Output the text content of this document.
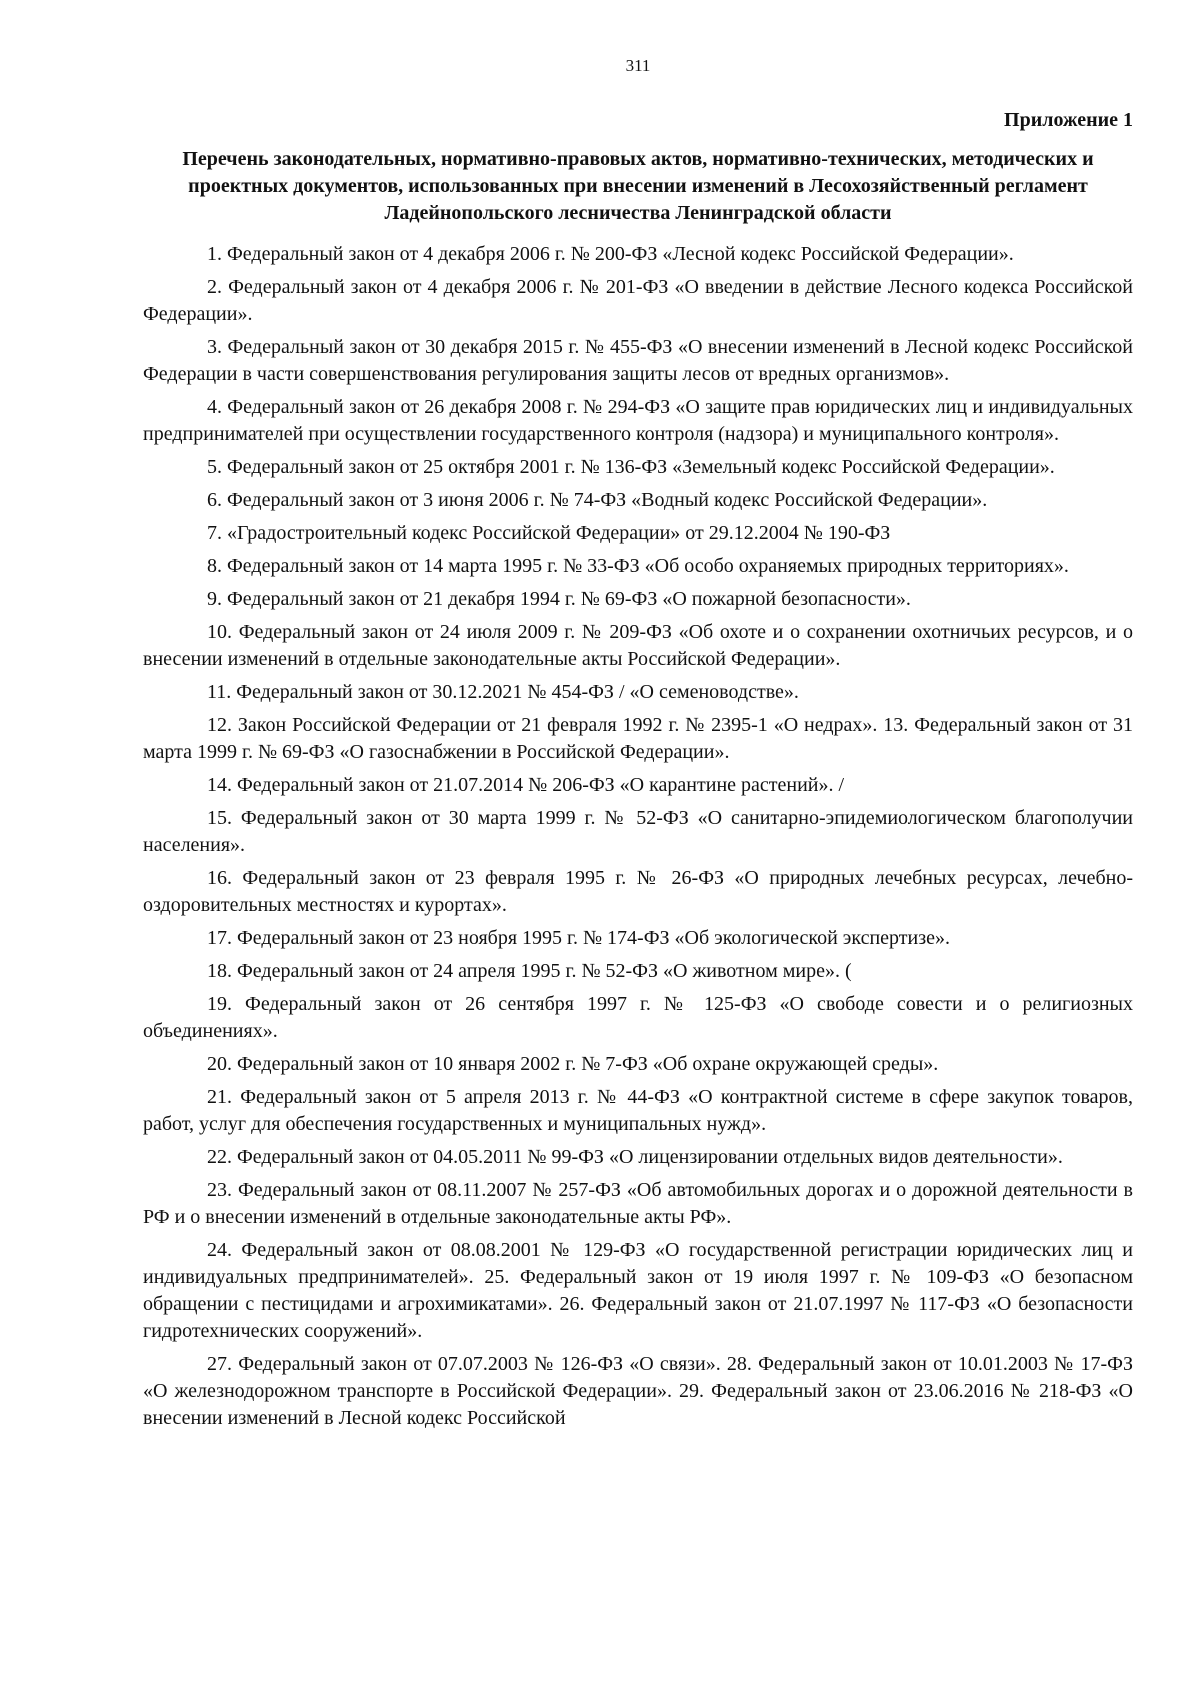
311
Приложение 1
Перечень законодательных, нормативно-правовых актов, нормативно-технических, методических и проектных документов, использованных при внесении изменений в Лесохозяйственный регламент Ладейнопольского лесничества Ленинградской области
1. Федеральный закон от 4 декабря 2006 г. № 200-ФЗ «Лесной кодекс Российской Федерации».
2. Федеральный закон от 4 декабря 2006 г. № 201-ФЗ «О введении в действие Лесного кодекса Российской Федерации».
3. Федеральный закон от 30 декабря 2015 г. № 455-ФЗ «О внесении изменений в Лесной кодекс Российской Федерации в части совершенствования регулирования защиты лесов от вредных организмов».
4. Федеральный закон от 26 декабря 2008 г. № 294-ФЗ «О защите прав юридических лиц и индивидуальных предпринимателей при осуществлении государственного контроля (надзора) и муниципального контроля».
5. Федеральный закон от 25 октября 2001 г. № 136-ФЗ «Земельный кодекс Российской Федерации».
6. Федеральный закон от 3 июня 2006 г. № 74-ФЗ «Водный кодекс Российской Федерации».
7. «Градостроительный кодекс Российской Федерации» от 29.12.2004 № 190-ФЗ
8. Федеральный закон от 14 марта 1995 г. № 33-ФЗ «Об особо охраняемых природных территориях».
9. Федеральный закон от 21 декабря 1994 г. № 69-ФЗ «О пожарной безопасности».
10. Федеральный закон от 24 июля 2009 г. № 209-ФЗ «Об охоте и о сохранении охотничьих ресурсов, и о внесении изменений в отдельные законодательные акты Российской Федерации».
11. Федеральный закон от 30.12.2021 № 454-ФЗ / «О семеноводстве».
12. Закон Российской Федерации от 21 февраля 1992 г. № 2395-1 «О недрах». 13. Федеральный закон от 31 марта 1999 г. № 69-ФЗ «О газоснабжении в Российской Федерации».
14. Федеральный закон от 21.07.2014 № 206-ФЗ «О карантине растений». /
15. Федеральный закон от 30 марта 1999 г. № 52-ФЗ «О санитарно-эпидемиологическом благополучии населения».
16. Федеральный закон от 23 февраля 1995 г. № 26-ФЗ «О природных лечебных ресурсах, лечебно-оздоровительных местностях и курортах».
17. Федеральный закон от 23 ноября 1995 г. № 174-ФЗ «Об экологической экспертизе».
18. Федеральный закон от 24 апреля 1995 г. № 52-ФЗ «О животном мире». (
19. Федеральный закон от 26 сентября 1997 г. № 125-ФЗ «О свободе совести и о религиозных объединениях».
20. Федеральный закон от 10 января 2002 г. № 7-ФЗ «Об охране окружающей среды».
21. Федеральный закон от 5 апреля 2013 г. № 44-ФЗ «О контрактной системе в сфере закупок товаров, работ, услуг для обеспечения государственных и муниципальных нужд».
22. Федеральный закон от 04.05.2011 № 99-ФЗ «О лицензировании отдельных видов деятельности».
23. Федеральный закон от 08.11.2007 № 257-ФЗ «Об автомобильных дорогах и о дорожной деятельности в РФ и о внесении изменений в отдельные законодательные акты РФ».
24. Федеральный закон от 08.08.2001 № 129-ФЗ «О государственной регистрации юридических лиц и индивидуальных предпринимателей». 25. Федеральный закон от 19 июля 1997 г. № 109-ФЗ «О безопасном обращении с пестицидами и агрохимикатами». 26. Федеральный закон от 21.07.1997 № 117-ФЗ «О безопасности гидротехнических сооружений».
27. Федеральный закон от 07.07.2003 № 126-ФЗ «О связи». 28. Федеральный закон от 10.01.2003 № 17-ФЗ «О железнодорожном транспорте в Российской Федерации». 29. Федеральный закон от 23.06.2016 № 218-ФЗ «О внесении изменений в Лесной кодекс Российской
